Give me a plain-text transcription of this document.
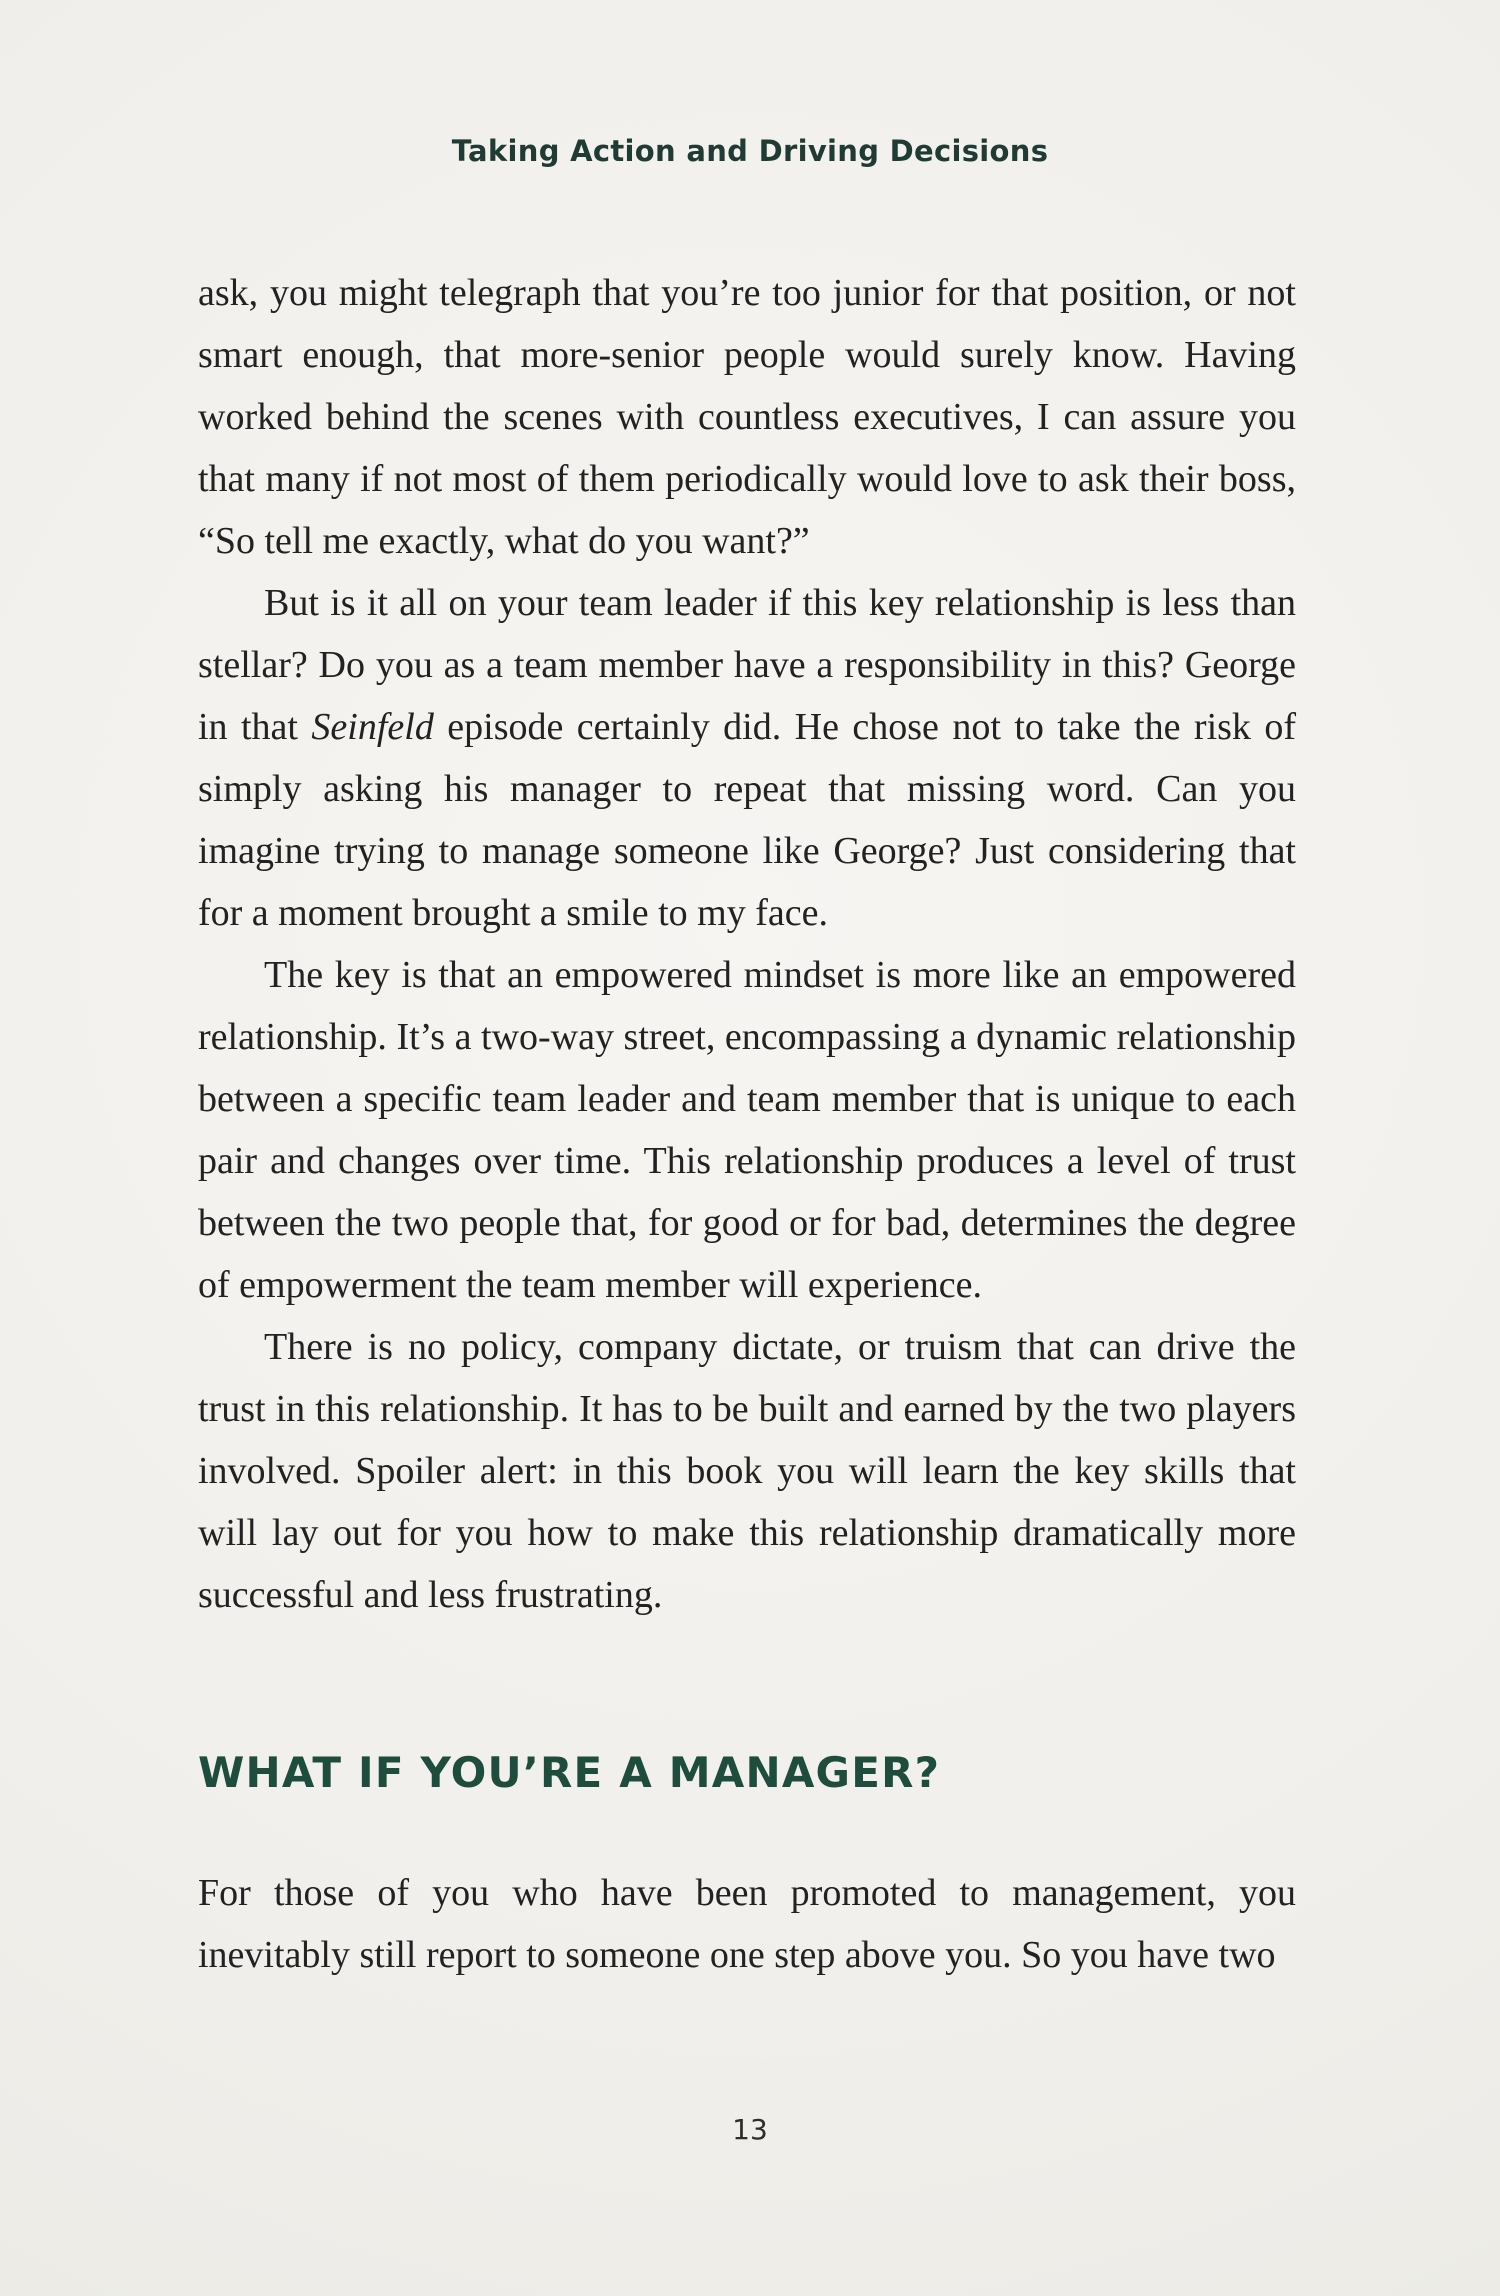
Taking Action and Driving Decisions

ask, you might telegraph that you’re too junior for that position, or not smart enough, that more-senior people would surely know. Having worked behind the scenes with countless executives, I can assure you that many if not most of them periodically would love to ask their boss, “So tell me exactly, what do you want?”

But is it all on your team leader if this key relationship is less than stellar? Do you as a team member have a responsibility in this? George in that Seinfeld episode certainly did. He chose not to take the risk of simply asking his manager to repeat that missing word. Can you imagine trying to manage someone like George? Just considering that for a moment brought a smile to my face.

The key is that an empowered mindset is more like an empowered relationship. It’s a two-way street, encompassing a dynamic relationship between a specific team leader and team member that is unique to each pair and changes over time. This relationship produces a level of trust between the two people that, for good or for bad, determines the degree of empowerment the team member will experience.

There is no policy, company dictate, or truism that can drive the trust in this relationship. It has to be built and earned by the two players involved. Spoiler alert: in this book you will learn the key skills that will lay out for you how to make this relationship dramatically more successful and less frustrating.

WHAT IF YOU’RE A MANAGER?

For those of you who have been promoted to management, you inevitably still report to someone one step above you. So you have two

13
